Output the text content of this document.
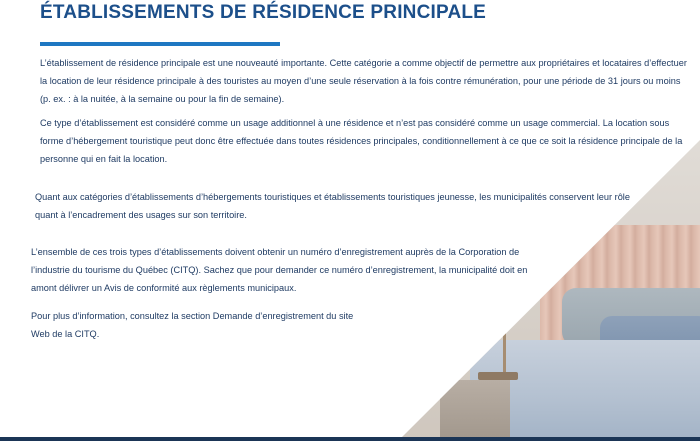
ÉTABLISSEMENTS DE RÉSIDENCE PRINCIPALE

L’établissement de résidence principale est une nouveauté importante. Cette catégorie a comme objectif de permettre aux propriétaires et locataires d’effectuer la location de leur résidence principale à des touristes au moyen d’une seule réservation à la fois contre rémunération, pour une période de 31 jours ou moins (p. ex. : à la nuitée, à la semaine ou pour la fin de semaine).

Ce type d’établissement est considéré comme un usage additionnel à une résidence et n’est pas considéré comme un usage commercial. La location sous forme d’hébergement touristique peut donc être effectuée dans toutes résidences principales, conditionnellement à ce que ce soit la résidence principale de la personne qui en fait la location.

Quant aux catégories d’établissements d’hébergements touristiques et établissements touristiques jeunesse, les municipalités conservent leur rôle quant à l’encadrement des usages sur son territoire.

L’ensemble de ces trois types d’établissements doivent obtenir un numéro d’enregistrement auprès de la Corporation de l’industrie du tourisme du Québec (CITQ). Sachez que pour demander ce numéro d’enregistrement, la municipalité doit en amont délivrer un Avis de conformité aux règlements municipaux.

Pour plus d’information, consultez la section Demande d’enregistrement du site Web de la CITQ.
